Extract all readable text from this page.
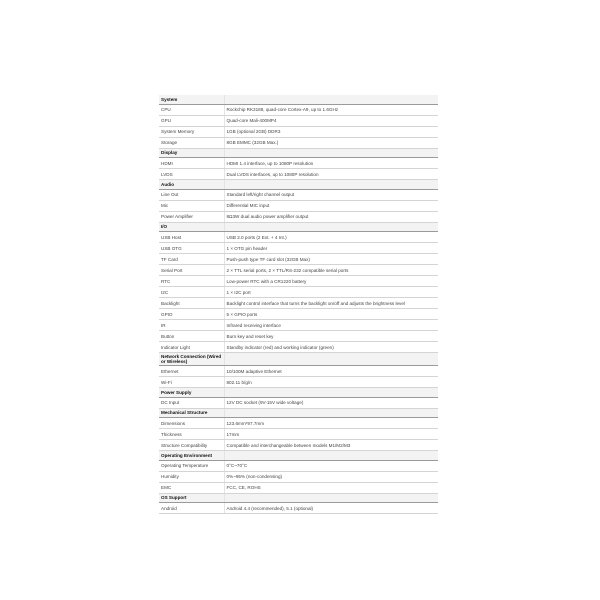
System	
CPU	Rockchip RK3188, quad-core Cortex-A9, up to 1.6GHz
GPU	Quad-core Mali-400MP4
System Memory	1GB (optional 2GB) DDR3
Storage	8GB EMMC (32GB Max.)
Display	
HDMI	HDMI 1.4 interface, up to 1080P resolution
LVDS	Dual LVDS interfaces, up to 1080P resolution
Audio	
Line Out	Standard left/right channel output
Mic	Differential MIC input
Power Amplifier	8Ω3W dual audio power amplifier output
I/O	
USB Host	USB 2.0 ports (2 Ext. + 4 Int.)
USB OTG	1 × OTG pin header
TF Card	Push-push type TF card slot (32GB Max)
Serial Port	2 × TTL serial ports, 2 × TTL/RS-232 compatible serial ports
RTC	Low-power RTC with a CR1220 battery
I2C	1 × I2C port
Backlight	Backlight control interface that turns the backlight on/off and adjusts the brightness level
GPIO	5 × GPIO ports
IR	Infrared receiving interface
Button	Burn key and reset key
Indicator Light	Standby indicator (red) and working indicator (green)
Network Connection (Wired or Wireless)	
Ethernet	10/100M adaptive Ethernet
Wi-Fi	802.11 b/g/n
Power Supply	
DC Input	12V DC socket (9V-15V wide voltage)
Mechanical Structure	
Dimensions	123.6mm*97.7mm
Thickness	17mm
Structure Compatibility	Compatible and interchangeable between models M1/M2/M3
Operating Environment	
Operating Temperature	0°C~70°C
Humidity	0%~95% (non-condensing)
EMC	FCC, CE, ROHS
OS Support	
Android	Android 4.4 (recommended), 5.1 (optional)
